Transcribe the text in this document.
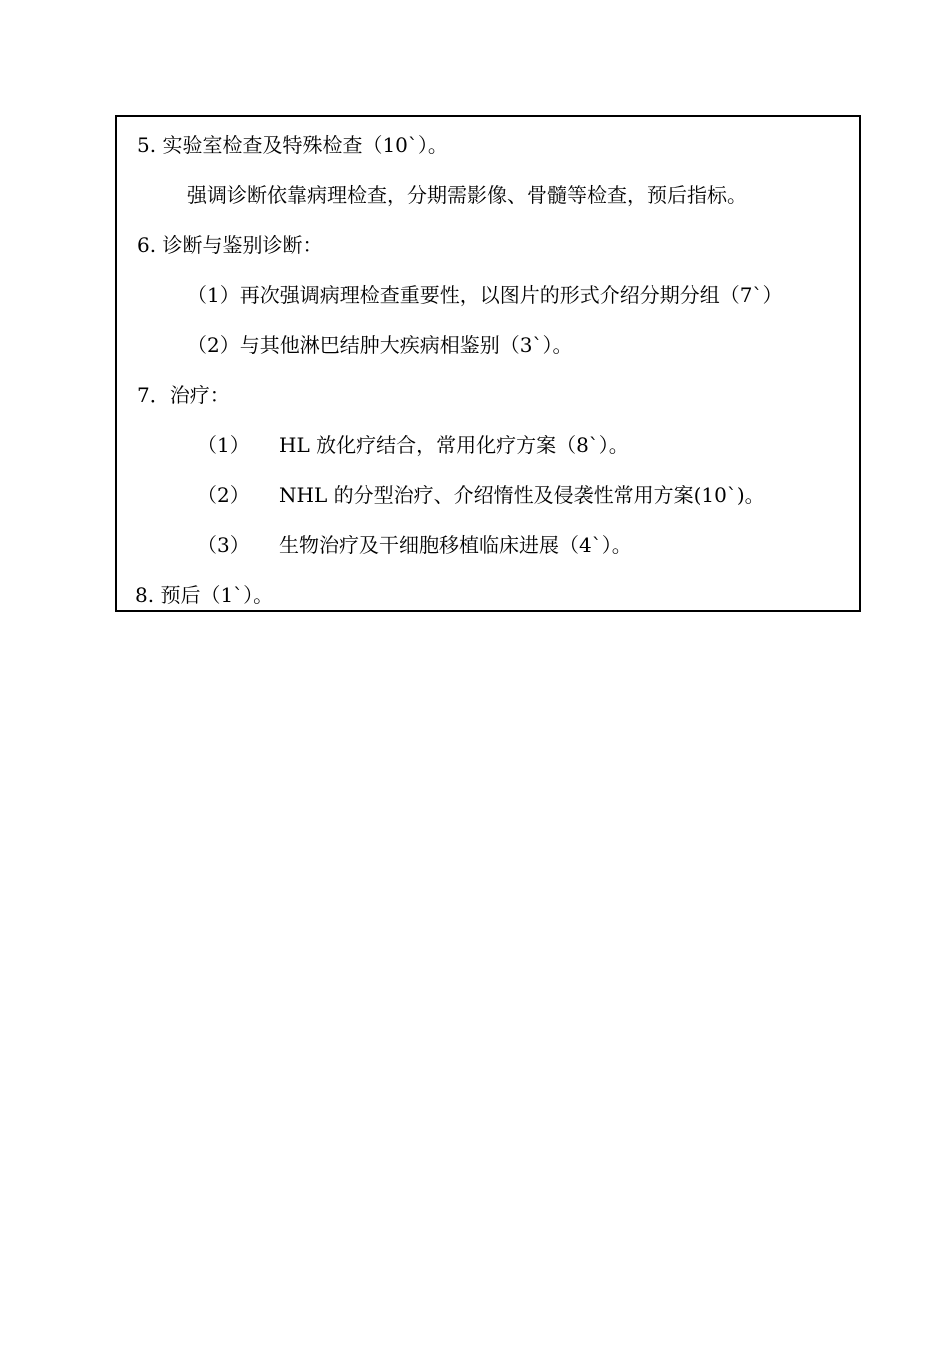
5. 实验室检查及特殊检查（10`）。
强调诊断依靠病理检查，分期需影像、骨髓等检查，预后指标。
6. 诊断与鉴别诊断：
（1）再次强调病理检查重要性，以图片的形式介绍分期分组（7`）
（2）与其他淋巴结肿大疾病相鉴别（3`）。
7．治疗：
（1） HL 放化疗结合，常用化疗方案（8`）。
（2） NHL 的分型治疗、介绍惰性及侵袭性常用方案(10`)。
（3） 生物治疗及干细胞移植临床进展（4`）。
8. 预后（1`）。
